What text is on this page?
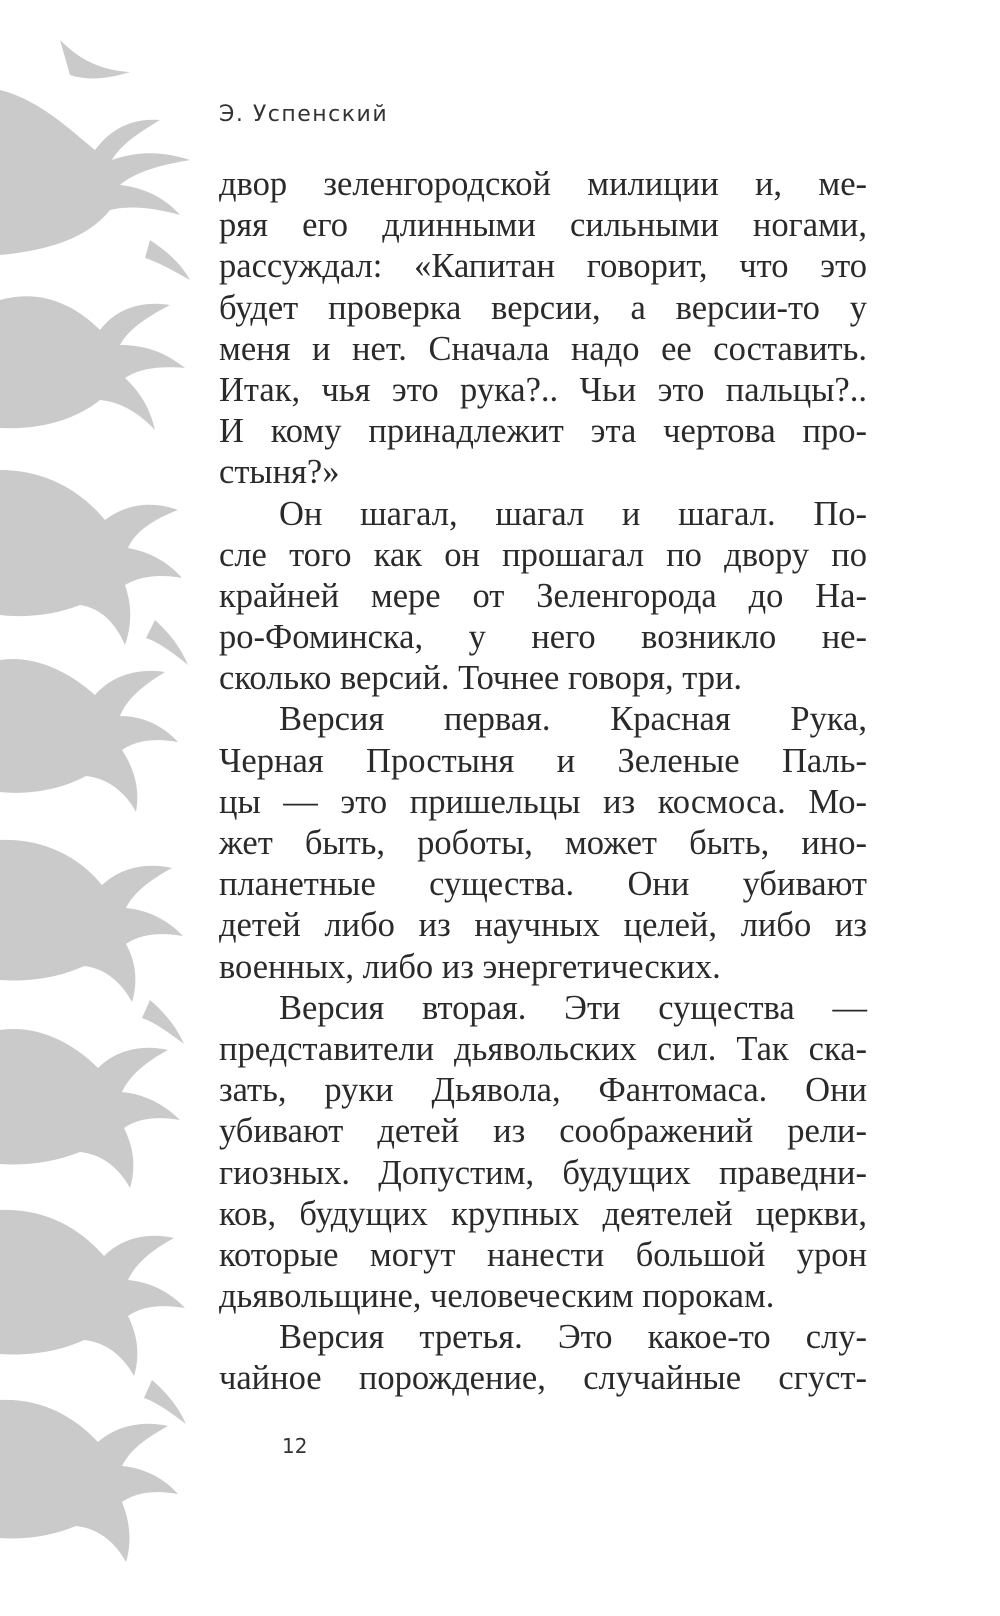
Э. Успенский
двор зеленгородской милиции и, ме-
ряя его длинными сильными ногами,
рассуждал: «Капитан говорит, что это
будет проверка версии, а версии-то у
меня и нет. Сначала надо ее составить.
Итак, чья это рука?.. Чьи это пальцы?..
И кому принадлежит эта чертова про-
стыня?»
Он шагал, шагал и шагал. По-
сле того как он прошагал по двору по
крайней мере от Зеленгорода до На-
ро-Фоминска, у него возникло не-
сколько версий. Точнее говоря, три.
Версия первая. Красная Рука,
Черная Простыня и Зеленые Паль-
цы — это пришельцы из космоса. Мо-
жет быть, роботы, может быть, ино-
планетные существа. Они убивают
детей либо из научных целей, либо из
военных, либо из энергетических.
Версия вторая. Эти существа —
представители дьявольских сил. Так ска-
зать, руки Дьявола, Фантомаса. Они
убивают детей из соображений рели-
гиозных. Допустим, будущих праведни-
ков, будущих крупных деятелей церкви,
которые могут нанести большой урон
дьявольщине, человеческим порокам.
Версия третья. Это какое-то слу-
чайное порождение, случайные сгуст-
12
